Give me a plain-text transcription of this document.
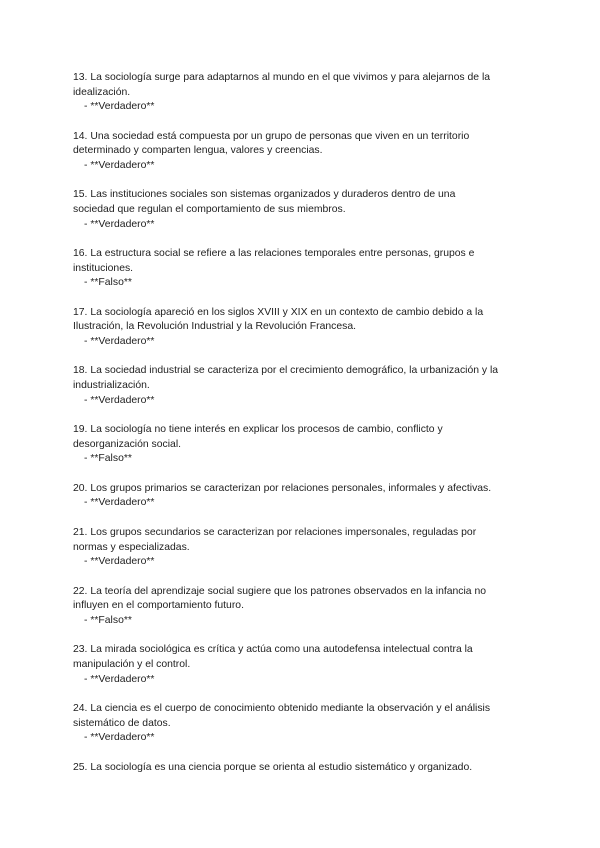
13. La sociología surge para adaptarnos al mundo en el que vivimos y para alejarnos de la
idealización.
- **Verdadero**
14. Una sociedad está compuesta por un grupo de personas que viven en un territorio
determinado y comparten lengua, valores y creencias.
- **Verdadero**
15. Las instituciones sociales son sistemas organizados y duraderos dentro de una
sociedad que regulan el comportamiento de sus miembros.
- **Verdadero**
16. La estructura social se refiere a las relaciones temporales entre personas, grupos e
instituciones.
- **Falso**
17. La sociología apareció en los siglos XVIII y XIX en un contexto de cambio debido a la
Ilustración, la Revolución Industrial y la Revolución Francesa.
- **Verdadero**
18. La sociedad industrial se caracteriza por el crecimiento demográfico, la urbanización y la
industrialización.
- **Verdadero**
19. La sociología no tiene interés en explicar los procesos de cambio, conflicto y
desorganización social.
- **Falso**
20. Los grupos primarios se caracterizan por relaciones personales, informales y afectivas.
- **Verdadero**
21. Los grupos secundarios se caracterizan por relaciones impersonales, reguladas por
normas y especializadas.
- **Verdadero**
22. La teoría del aprendizaje social sugiere que los patrones observados en la infancia no
influyen en el comportamiento futuro.
- **Falso**
23. La mirada sociológica es crítica y actúa como una autodefensa intelectual contra la
manipulación y el control.
- **Verdadero**
24. La ciencia es el cuerpo de conocimiento obtenido mediante la observación y el análisis
sistemático de datos.
- **Verdadero**
25. La sociología es una ciencia porque se orienta al estudio sistemático y organizado.
